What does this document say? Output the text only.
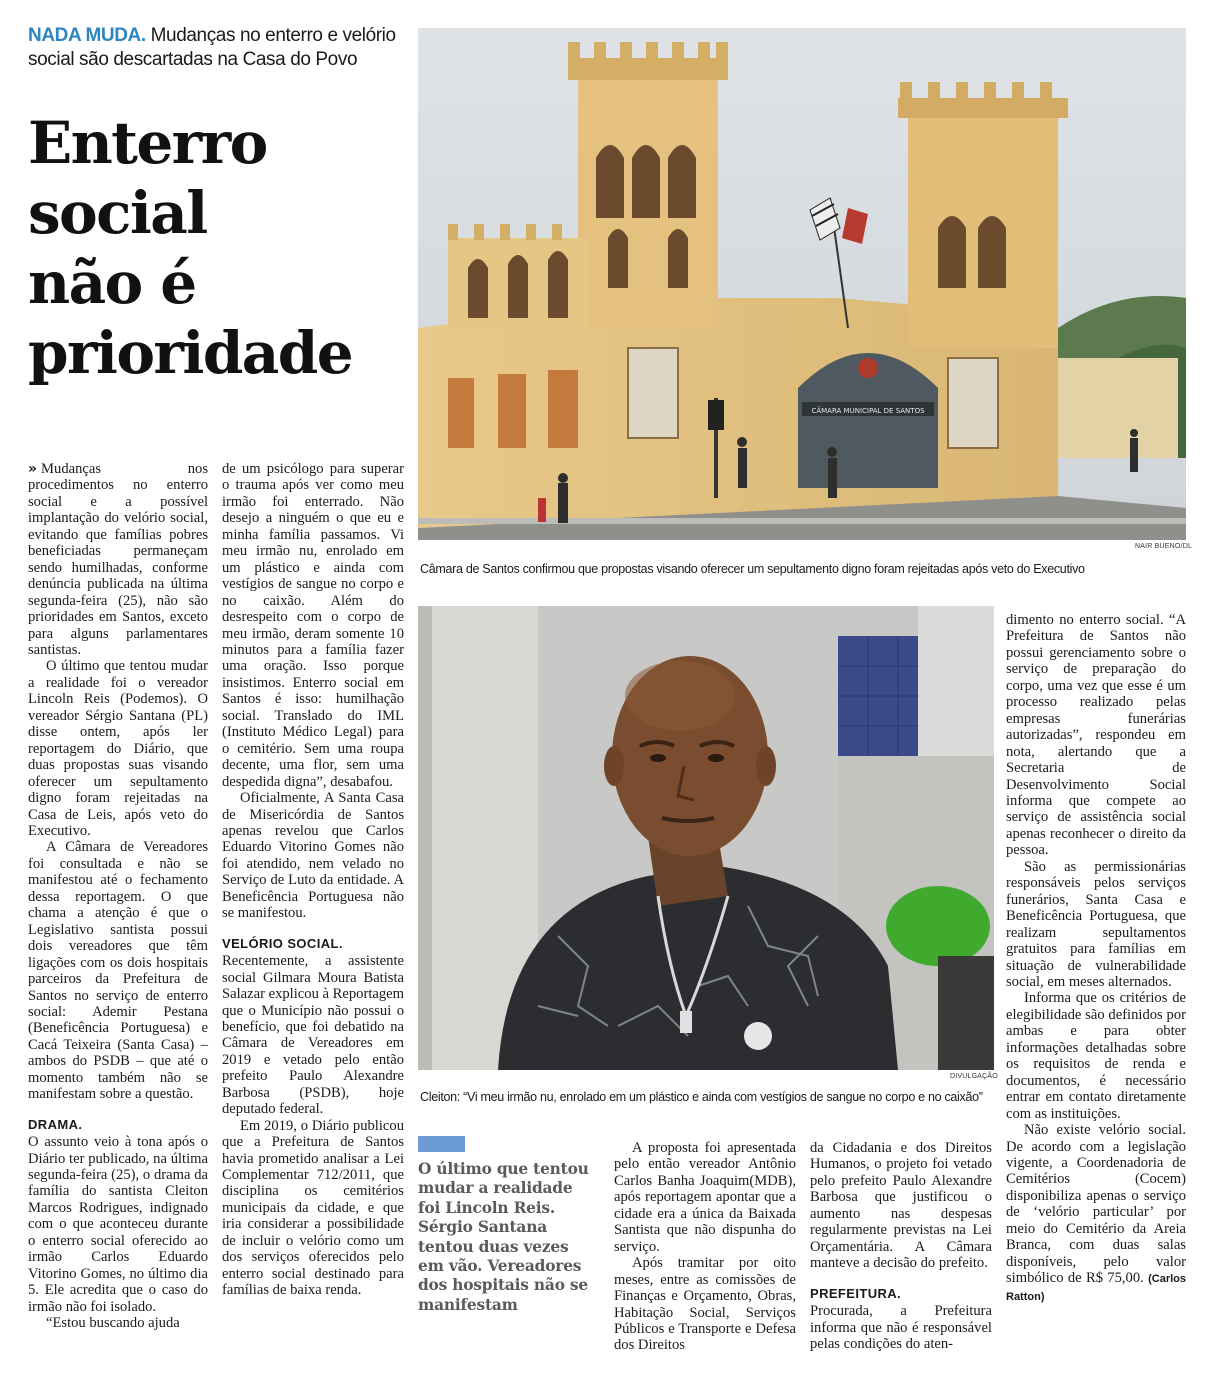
NADA MUDA. Mudanças no enterro e velório social são descartadas na Casa do Povo
Enterro
social
não é
prioridade
CÂMARA MUNICIPAL DE SANTOS
NAIR BUENO/DL
Câmara de Santos confirmou que propostas visando oferecer um sepultamento digno foram rejeitadas após veto do Executivo
DIVULGAÇÃO
Cleiton: “Vi meu irmão nu, enrolado em um plástico e ainda com vestígios de sangue no corpo e no caixão”

» Mudanças nos procedimentos no enterro social e a possível implantação do velório social, evitando que famílias pobres beneficiadas permaneçam sendo humilhadas, conforme denúncia publicada na última segunda-feira (25), não são prioridades em Santos, exceto para alguns parlamentares santistas.

O último que tentou mudar a realidade foi o vereador Lincoln Reis (Podemos). O vereador Sérgio Santana (PL) disse ontem, após ler reportagem do Diário, que duas propostas suas visando oferecer um sepultamento digno foram rejeitadas na Casa de Leis, após veto do Executivo.

A Câmara de Vereadores foi consultada e não se manifestou até o fechamento dessa reportagem. O que chama a atenção é que o Legislativo santista possui dois vereadores que têm ligações com os dois hospitais parceiros da Prefeitura de Santos no serviço de enterro social: Ademir Pestana (Beneficência Portuguesa) e Cacá Teixeira (Santa Casa) – ambos do PSDB – que até o momento também não se manifestam sobre a questão.

DRAMA.

O assunto veio à tona após o Diário ter publicado, na última segunda-feira (25), o drama da família do santista Cleiton Marcos Rodrigues, indignado com o que aconteceu durante o enterro social oferecido ao irmão Carlos Eduardo Vitorino Gomes, no último dia 5. Ele acredita que o caso do irmão não foi isolado.

“Estou buscando ajuda

de um psicólogo para superar o trauma após ver como meu irmão foi enterrado. Não desejo a ninguém o que eu e minha família passamos. Vi meu irmão nu, enrolado em um plástico e ainda com vestígios de sangue no corpo e no caixão. Além do desrespeito com o corpo de meu irmão, deram somente 10 minutos para a família fazer uma oração. Isso porque insistimos. Enterro social em Santos é isso: humilhação social. Translado do IML (Instituto Médico Legal) para o cemitério. Sem uma roupa decente, uma flor, sem uma despedida digna”, desabafou.

Oficialmente, A Santa Casa de Misericórdia de Santos apenas revelou que Carlos Eduardo Vitorino Gomes não foi atendido, nem velado no Serviço de Luto da entidade. A Beneficência Portuguesa não se manifestou.

VELÓRIO SOCIAL.

Recentemente, a assistente social Gilmara Moura Batista Salazar explicou à Reportagem que o Município não possui o benefício, que foi debatido na Câmara de Vereadores em 2019 e vetado pelo então prefeito Paulo Alexandre Barbosa (PSDB), hoje deputado federal.

Em 2019, o Diário publicou que a Prefeitura de Santos havia prometido analisar a Lei Complementar 712/2011, que disciplina os cemitérios municipais da cidade, e que iria considerar a possibilidade de incluir o velório como um dos serviços oferecidos pelo enterro social destinado para famílias de baixa renda.

O último que tentou mudar a realidade foi Lincoln Reis. Sérgio Santana tentou duas vezes em vão. Vereadores dos hospitais não se manifestam

A proposta foi apresentada pelo então vereador Antônio Carlos Banha Joaquim(MDB), após reportagem apontar que a cidade era a única da Baixada Santista que não dispunha do serviço.

Após tramitar por oito meses, entre as comissões de Finanças e Orçamento, Obras, Habitação Social, Serviços Públicos e Transporte e Defesa dos Direitos

da Cidadania e dos Direitos Humanos, o projeto foi vetado pelo prefeito Paulo Alexandre Barbosa que justificou o aumento nas despesas regularmente previstas na Lei Orçamentária. A Câmara manteve a decisão do prefeito.

PREFEITURA.

Procurada, a Prefeitura informa que não é responsável pelas condições do aten-

dimento no enterro social. “A Prefeitura de Santos não possui gerenciamento sobre o serviço de preparação do corpo, uma vez que esse é um processo realizado pelas empresas funerárias autorizadas”, respondeu em nota, alertando que a Secretaria de Desenvolvimento Social informa que compete ao serviço de assistência social apenas reconhecer o direito da pessoa.

São as permissionárias responsáveis pelos serviços funerários, Santa Casa e Beneficência Portuguesa, que realizam sepultamentos gratuitos para famílias em situação de vulnerabilidade social, em meses alternados.

Informa que os critérios de elegibilidade são definidos por ambas e para obter informações detalhadas sobre os requisitos de renda e documentos, é necessário entrar em contato diretamente com as instituições.

Não existe velório social. De acordo com a legislação vigente, a Coordenadoria de Cemitérios (Cocem) disponibiliza apenas o serviço de ‘velório particular’ por meio do Cemitério da Areia Branca, com duas salas disponíveis, pelo valor simbólico de R$ 75,00. (Carlos Ratton)
